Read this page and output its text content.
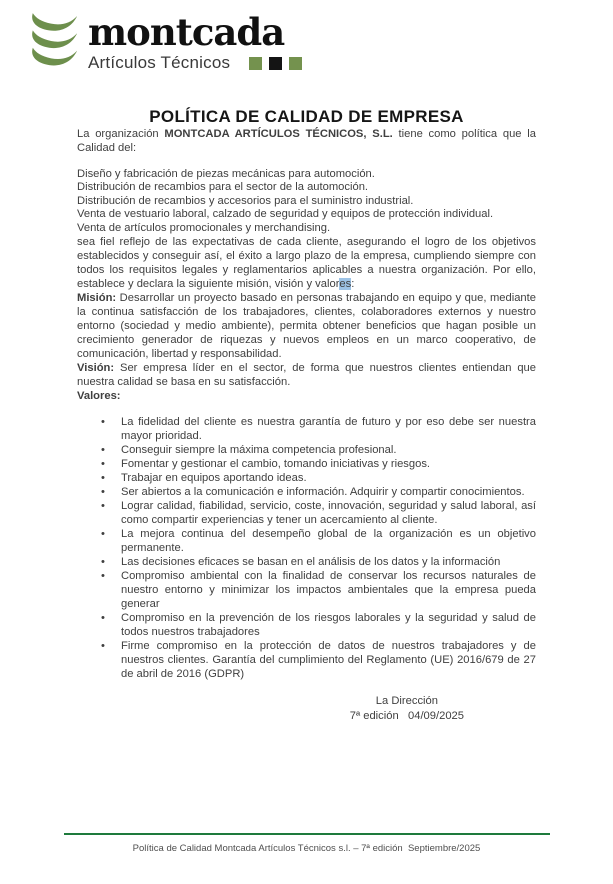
montcada
Artículos Técnicos
POLÍTICA DE CALIDAD DE EMPRESA

La organización MONTCADA ARTÍCULOS TÉCNICOS, S.L. tiene como política que la Calidad del:

Diseño y fabricación de piezas mecánicas para automoción.
Distribución de recambios para el sector de la automoción.
Distribución de recambios y accesorios para el suministro industrial.
Venta de vestuario laboral, calzado de seguridad y equipos de protección individual.
Venta de artículos promocionales y merchandising.

sea fiel reflejo de las expectativas de cada cliente, asegurando el logro de los objetivos establecidos y conseguir así, el éxito a largo plazo de la empresa, cumpliendo siempre con todos los requisitos legales y reglamentarios aplicables a nuestra organización. Por ello, establece y declara la siguiente misión, visión y valores:

Misión: Desarrollar un proyecto basado en personas trabajando en equipo y que, mediante la continua satisfacción de los trabajadores, clientes, colaboradores externos y nuestro entorno (sociedad y medio ambiente), permita obtener beneficios que hagan posible un crecimiento generador de riquezas y nuevos empleos en un marco cooperativo, de comunicación, libertad y responsabilidad.

Visión: Ser empresa líder en el sector, de forma que nuestros clientes entiendan que nuestra calidad se basa en su satisfacción.

Valores:

• La fidelidad del cliente es nuestra garantía de futuro y por eso debe ser nuestra mayor prioridad.
• Conseguir siempre la máxima competencia profesional.
• Fomentar y gestionar el cambio, tomando iniciativas y riesgos.
• Trabajar en equipos aportando ideas.
• Ser abiertos a la comunicación e información. Adquirir y compartir conocimientos.
• Lograr calidad, fiabilidad, servicio, coste, innovación, seguridad y salud laboral, así como compartir experiencias y tener un acercamiento al cliente.
• La mejora continua del desempeño global de la organización es un objetivo permanente.
• Las decisiones eficaces se basan en el análisis de los datos y la información
• Compromiso ambiental con la finalidad de conservar los recursos naturales de nuestro entorno y minimizar los impactos ambientales que la empresa pueda generar
• Compromiso en la prevención de los riesgos laborales y la seguridad y salud de todos nuestros trabajadores
• Firme compromiso en la protección de datos de nuestros trabajadores y de nuestros clientes. Garantía del cumplimiento del Reglamento (UE) 2016/679 de 27 de abril de 2016 (GDPR)
La Dirección
7ª edición   04/09/2025
Política de Calidad Montcada Artículos Técnicos s.l. – 7ª edición  Septiembre/2025
